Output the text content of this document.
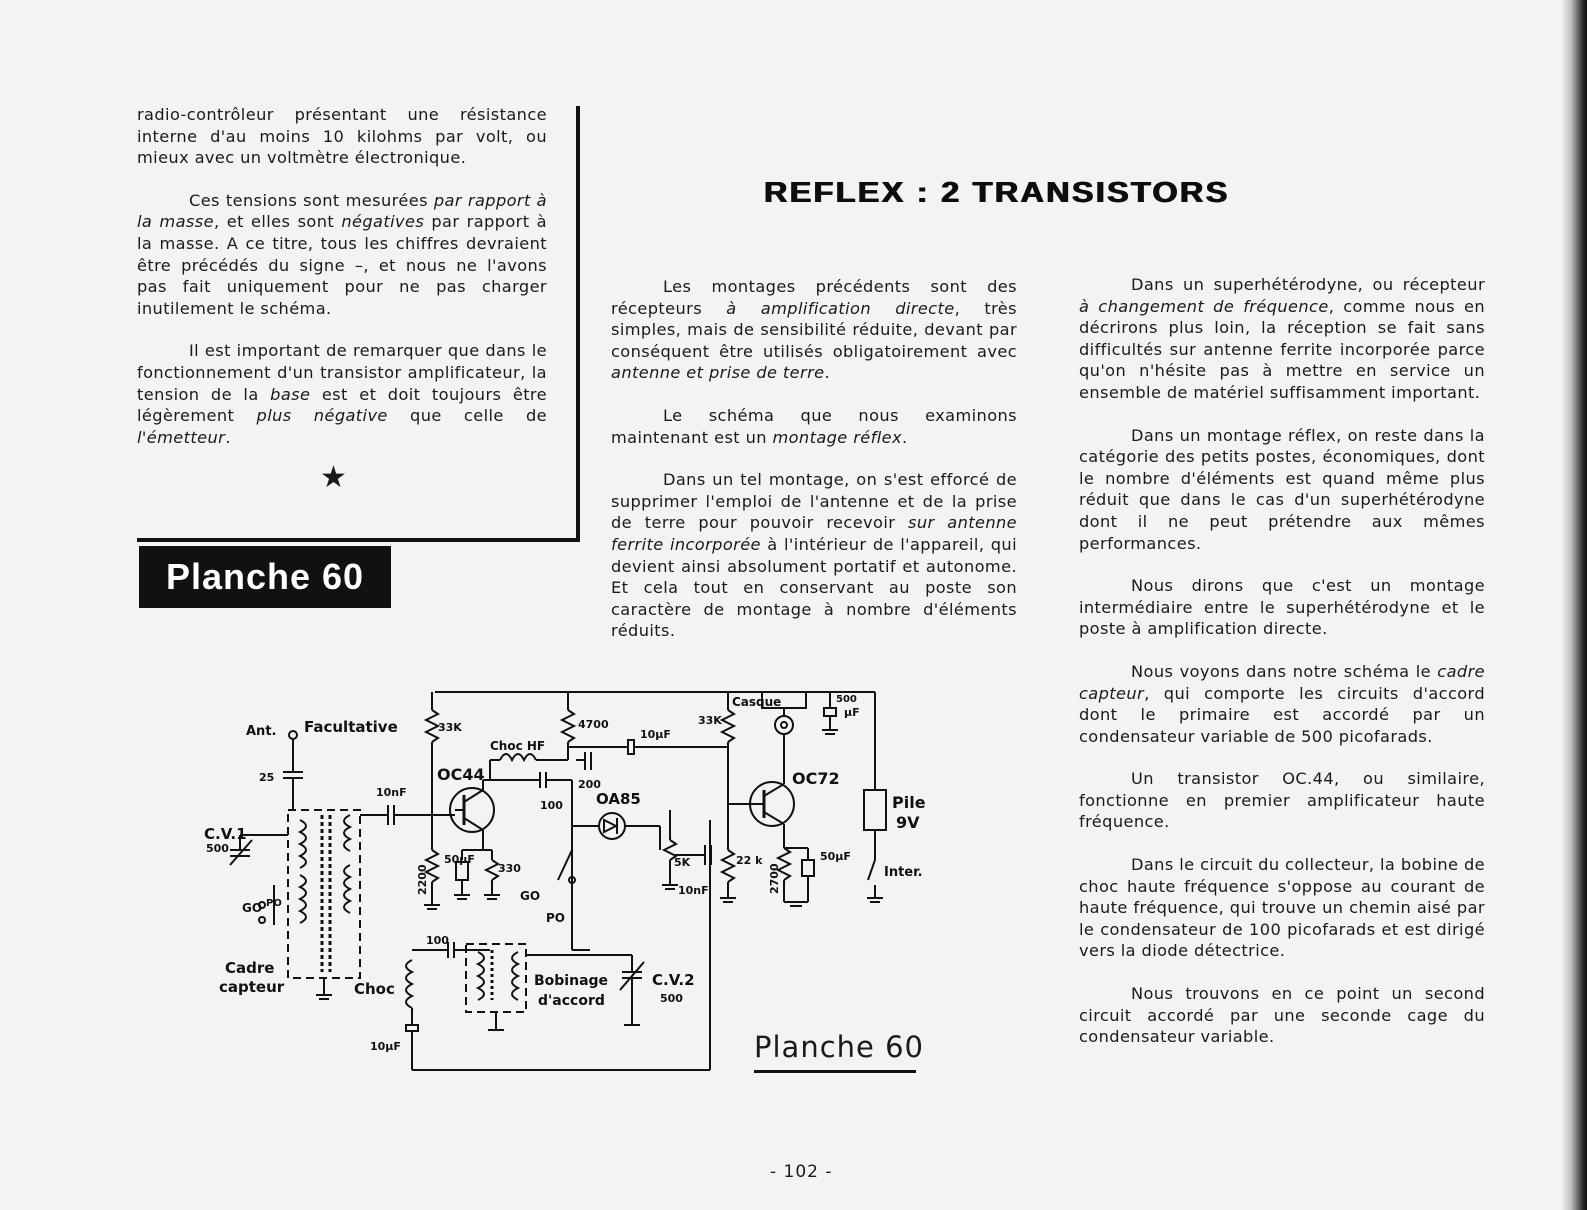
radio-contrôleur présentant une résistance interne d'au moins 10 kilohms par volt, ou mieux avec un voltmètre électronique.

Ces tensions sont mesurées par rapport à la masse, et elles sont négatives par rapport à la masse. A ce titre, tous les chiffres devraient être précédés du signe –, et nous ne l'avons pas fait uniquement pour ne pas charger inutilement le schéma.

Il est important de remarquer que dans le fonctionnement d'un transistor amplificateur, la tension de la base est et doit toujours être légèrement plus négative que celle de l'émetteur.

★
Planche 60
REFLEX : 2 TRANSISTORS

Les montages précédents sont des récepteurs à amplification directe, très simples, mais de sensibilité réduite, devant par conséquent être utilisés obligatoirement avec antenne et prise de terre.

Le schéma que nous examinons maintenant est un montage réflex.

Dans un tel montage, on s'est efforcé de supprimer l'emploi de l'antenne et de la prise de terre pour pouvoir recevoir sur antenne ferrite incorporée à l'intérieur de l'appareil, qui devient ainsi absolument portatif et autonome. Et cela tout en conservant au poste son caractère de montage à nombre d'éléments réduits.

Dans un superhétérodyne, ou récepteur à changement de fréquence, comme nous en décrirons plus loin, la réception se fait sans difficultés sur antenne ferrite incorporée parce qu'on n'hésite pas à mettre en service un ensemble de matériel suffisamment important.

Dans un montage réflex, on reste dans la catégorie des petits postes, économiques, dont le nombre d'éléments est quand même plus réduit que dans le cas d'un superhétérodyne dont il ne peut prétendre aux mêmes performances.

Nous dirons que c'est un montage intermédiaire entre le superhétérodyne et le poste à amplification directe.

Nous voyons dans notre schéma le cadre capteur, qui comporte les circuits d'accord dont le primaire est accordé par un condensateur variable de 500 picofarads.

Un transistor OC.44, ou similaire, fonctionne en premier amplificateur haute fréquence.

Dans le circuit du collecteur, la bobine de choc haute fréquence s'oppose au courant de haute fréquence, qui trouve un chemin aisé par le condensateur de 100 picofarads et est dirigé vers la diode détectrice.

Nous trouvons en ce point un second circuit accordé par une seconde cage du condensateur variable.

Ant. Facultative
25
C.V.1
500
GO PO
Cadre
capteur
10nF
33K
Choc HF
OC44
100
4700
200
10µF
OA85
2200
50µF
330
GO
PO
5K
10nF
100
Choc
10µF
Bobinage
d'accord
C.V.2
500
Casque	500
µF
33K
OC72
22 k
2700
50µF
Pile
9V
Inter.
Planche 60
- 102 -
